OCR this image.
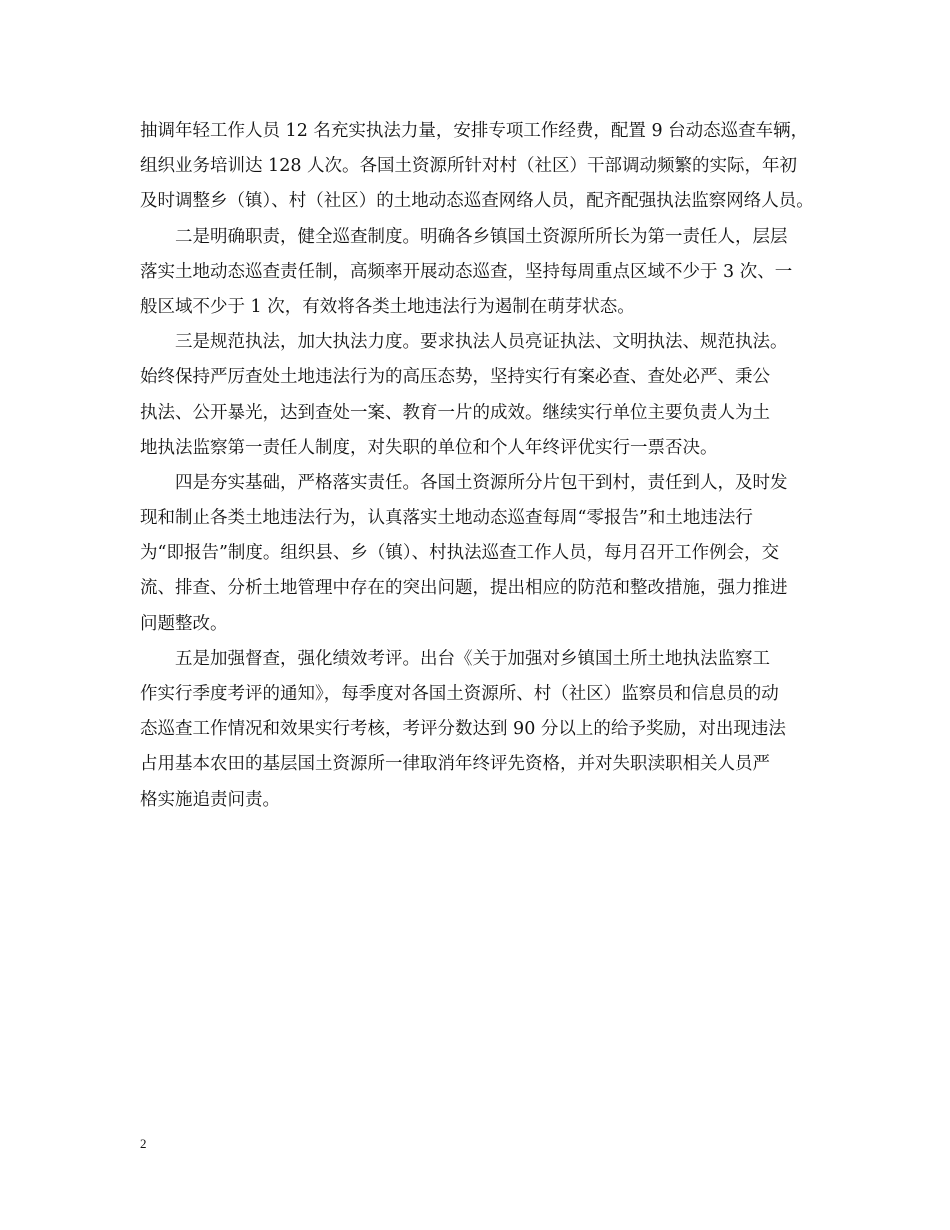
抽调年轻工作人员 12 名充实执法力量，安排专项工作经费，配置 9 台动态巡查车辆，
组织业务培训达 128 人次。各国土资源所针对村（社区）干部调动频繁的实际，年初
及时调整乡（镇）、村（社区）的土地动态巡查网络人员，配齐配强执法监察网络人员。
二是明确职责，健全巡查制度。明确各乡镇国土资源所所长为第一责任人，层层
落实土地动态巡查责任制，高频率开展动态巡查，坚持每周重点区域不少于 3 次、一
般区域不少于 1 次，有效将各类土地违法行为遏制在萌芽状态。
三是规范执法，加大执法力度。要求执法人员亮证执法、文明执法、规范执法。
始终保持严厉查处土地违法行为的高压态势，坚持实行有案必查、查处必严、秉公
执法、公开暴光，达到查处一案、教育一片的成效。继续实行单位主要负责人为土
地执法监察第一责任人制度，对失职的单位和个人年终评优实行一票否决。
四是夯实基础，严格落实责任。各国土资源所分片包干到村，责任到人，及时发
现和制止各类土地违法行为，认真落实土地动态巡查每周“零报告”和土地违法行
为“即报告”制度。组织县、乡（镇）、村执法巡查工作人员，每月召开工作例会，交
流、排查、分析土地管理中存在的突出问题，提出相应的防范和整改措施，强力推进
问题整改。
五是加强督查，强化绩效考评。出台《关于加强对乡镇国土所土地执法监察工
作实行季度考评的通知》，每季度对各国土资源所、村（社区）监察员和信息员的动
态巡查工作情况和效果实行考核，考评分数达到 90 分以上的给予奖励，对出现违法
占用基本农田的基层国土资源所一律取消年终评先资格，并对失职渎职相关人员严
格实施追责问责。
2
